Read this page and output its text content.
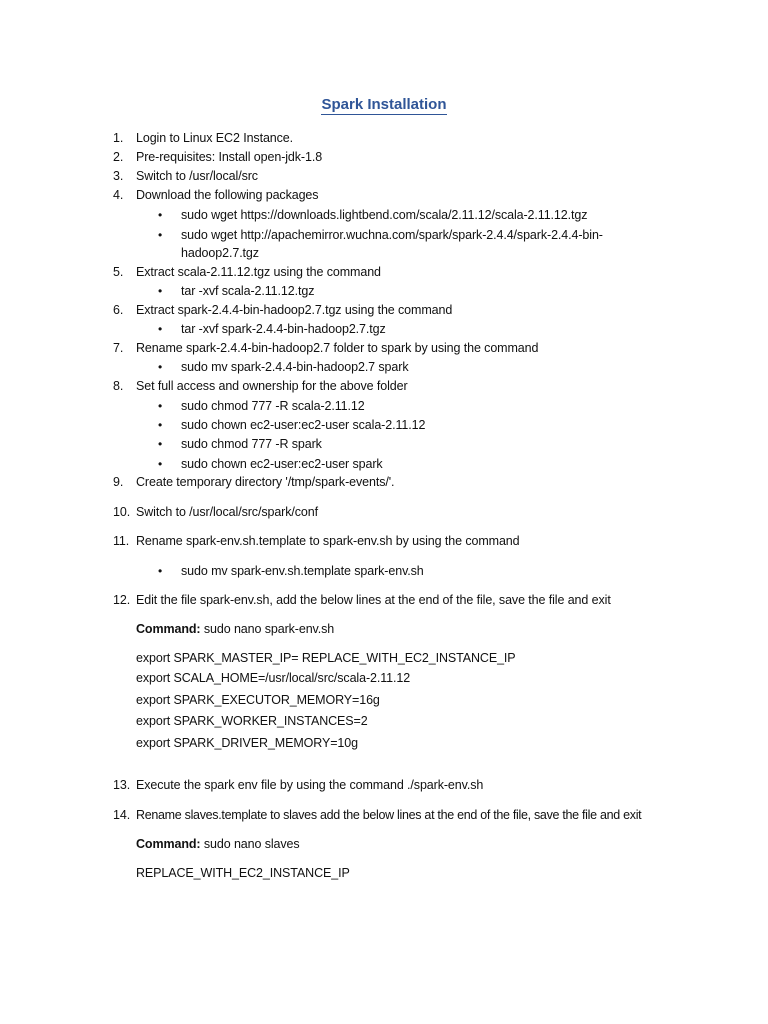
Spark Installation
1.	Login to Linux EC2 Instance.
2.	Pre-requisites: Install open-jdk-1.8
3.	Switch to /usr/local/src
4.	Download the following packages
• sudo wget https://downloads.lightbend.com/scala/2.11.12/scala-2.11.12.tgz
• sudo wget http://apachemirror.wuchna.com/spark/spark-2.4.4/spark-2.4.4-bin-
hadoop2.7.tgz
5.	Extract scala-2.11.12.tgz using the command
• tar -xvf scala-2.11.12.tgz
6.	Extract spark-2.4.4-bin-hadoop2.7.tgz using the command
• tar -xvf spark-2.4.4-bin-hadoop2.7.tgz
7.	Rename spark-2.4.4-bin-hadoop2.7 folder to spark by using the command
• sudo mv spark-2.4.4-bin-hadoop2.7 spark
8.	Set full access and ownership for the above folder
• sudo chmod 777 -R scala-2.11.12
• sudo chown ec2-user:ec2-user scala-2.11.12
• sudo chmod 777 -R spark
• sudo chown ec2-user:ec2-user spark
9.	Create temporary directory '/tmp/spark-events/'.
10. Switch to /usr/local/src/spark/conf
11. Rename spark-env.sh.template to spark-env.sh by using the command
• sudo mv spark-env.sh.template spark-env.sh
12. Edit the file spark-env.sh, add the below lines at the end of the file, save the file and exit
Command: sudo nano spark-env.sh
export SPARK_MASTER_IP= REPLACE_WITH_EC2_INSTANCE_IP
export SCALA_HOME=/usr/local/src/scala-2.11.12
export SPARK_EXECUTOR_MEMORY=16g
export SPARK_WORKER_INSTANCES=2
export SPARK_DRIVER_MEMORY=10g
13. Execute the spark env file by using the command ./spark-env.sh
14. Rename slaves.template to slaves add the below lines at the end of the file, save the file and exit
Command: sudo nano slaves
REPLACE_WITH_EC2_INSTANCE_IP
